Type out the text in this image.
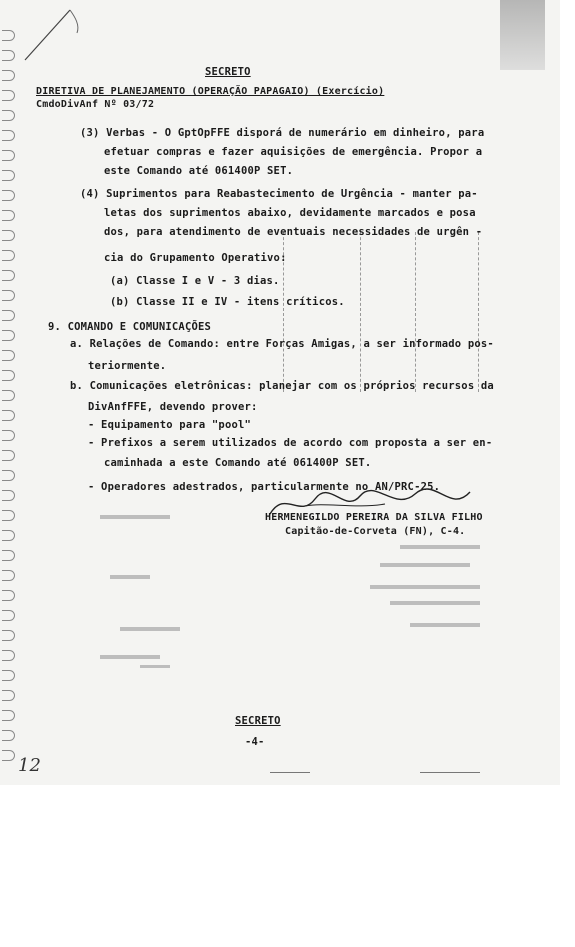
SECRETO
DIRETIVA DE PLANEJAMENTO (OPERAÇÃO PAPAGAIO) (Exercício)
CmdoDivAnf Nº 03/72
(3) Verbas - O GptOpFFE disporá de numerário em dinheiro, para
efetuar compras e fazer aquisições de emergência. Propor a
este Comando até 061400P SET.
(4) Suprimentos para Reabastecimento de Urgência - manter pa-
letas dos suprimentos abaixo, devidamente marcados e posa
dos, para atendimento de eventuais necessidades de urgên -
cia do Grupamento Operativo:
(a) Classe I e V - 3 dias.
(b) Classe II e IV - itens críticos.
9. COMANDO E COMUNICAÇÕES
a. Relações de Comando: entre Forças Amigas, a ser informado pos-
teriormente.
b. Comunicações eletrônicas: planejar com os próprios recursos da
DivAnfFFE, devendo prover:
- Equipamento para "pool"
- Prefixos a serem utilizados de acordo com proposta a ser en-
caminhada a este Comando até 061400P SET.
- Operadores adestrados, particularmente no AN/PRC-25.
HERMENEGILDO PEREIRA DA SILVA FILHO
Capitão-de-Corveta (FN), C-4.
SECRETO
-4-
12
